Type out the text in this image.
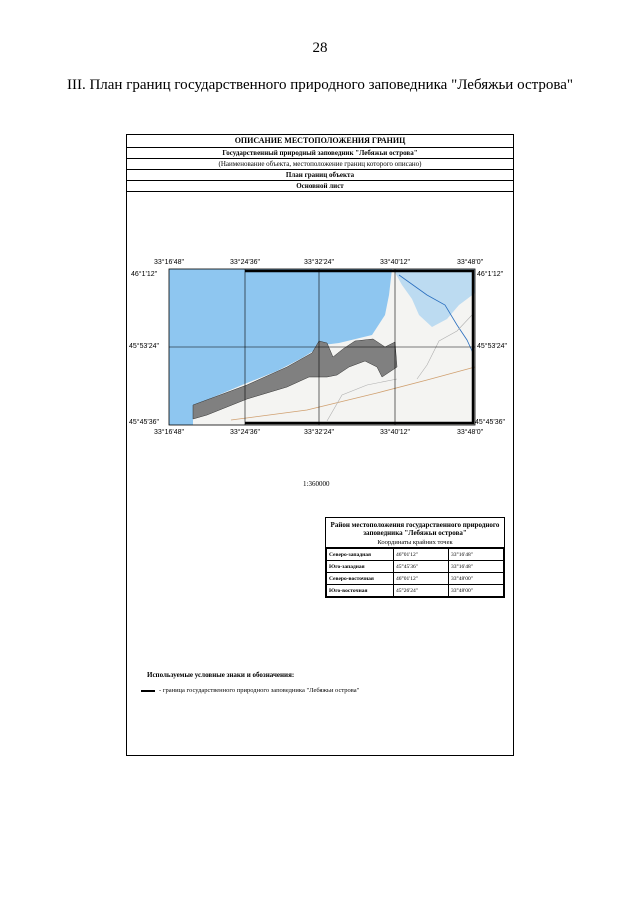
28
III. План границ государственного природного заповедника "Лебяжьи острова"
ОПИСАНИЕ МЕСТОПОЛОЖЕНИЯ ГРАНИЦ
Государственный природный заповедник "Лебяжьи острова"
(Наименование объекта, местоположение границ которого описано)
План границ объекта
Основной лист
33°16'48"	33°24'36"	33°32'24"	33°40'12"	33°48'0"
33°16'48"	33°24'36"	33°32'24"	33°40'12"	33°48'0"
46°1'12"
45°53'24"
45°45'36"
46°1'12"
45°53'24"
45°45'36"
1:360000
Район местоположения государственного природного заповедника "Лебяжьи острова"
Координаты крайних точек
Северо-западная	46°01'12"	33°16'48"
Юго-западная	45°45'36"	33°16'48"
Северо-восточная	46°01'12"	33°48'00"
Юго-восточная	45°26'24"	33°48'00"
Используемые условные знаки и обозначения:
- граница государственного природного заповедника "Лебяжьи острова"
